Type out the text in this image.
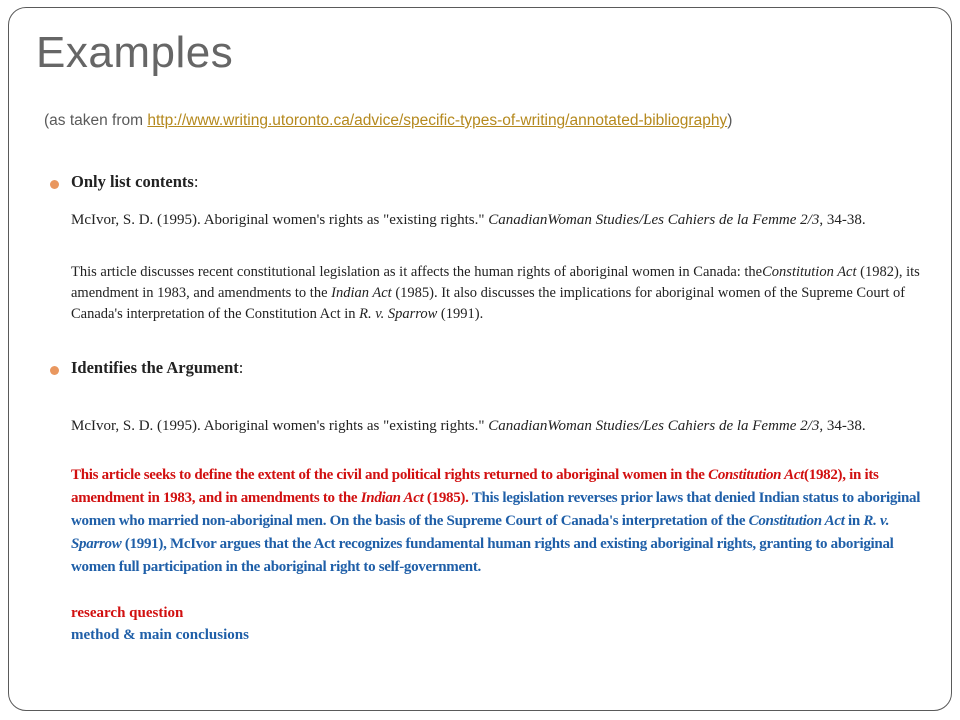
Examples
(as taken from http://www.writing.utoronto.ca/advice/specific-types-of-writing/annotated-bibliography)
Only list contents:
McIvor, S. D. (1995). Aboriginal women's rights as "existing rights." CanadianWoman Studies/Les Cahiers de la Femme 2/3, 34-38.
This article discusses recent constitutional legislation as it affects the human rights of aboriginal women in Canada: theConstitution Act (1982), its amendment in 1983, and amendments to the Indian Act (1985). It also discusses the implications for aboriginal women of the Supreme Court of Canada's interpretation of the Constitution Act in R. v. Sparrow (1991).
Identifies the Argument:
McIvor, S. D. (1995). Aboriginal women's rights as "existing rights." CanadianWoman Studies/Les Cahiers de la Femme 2/3, 34-38.
This article seeks to define the extent of the civil and political rights returned to aboriginal women in the Constitution Act(1982), in its amendment in 1983, and in amendments to the Indian Act (1985). This legislation reverses prior laws that denied Indian status to aboriginal women who married non-aboriginal men. On the basis of the Supreme Court of Canada's interpretation of the Constitution Act in R. v. Sparrow (1991), McIvor argues that the Act recognizes fundamental human rights and existing aboriginal rights, granting to aboriginal women full participation in the aboriginal right to self-government.
research question
method & main conclusions
